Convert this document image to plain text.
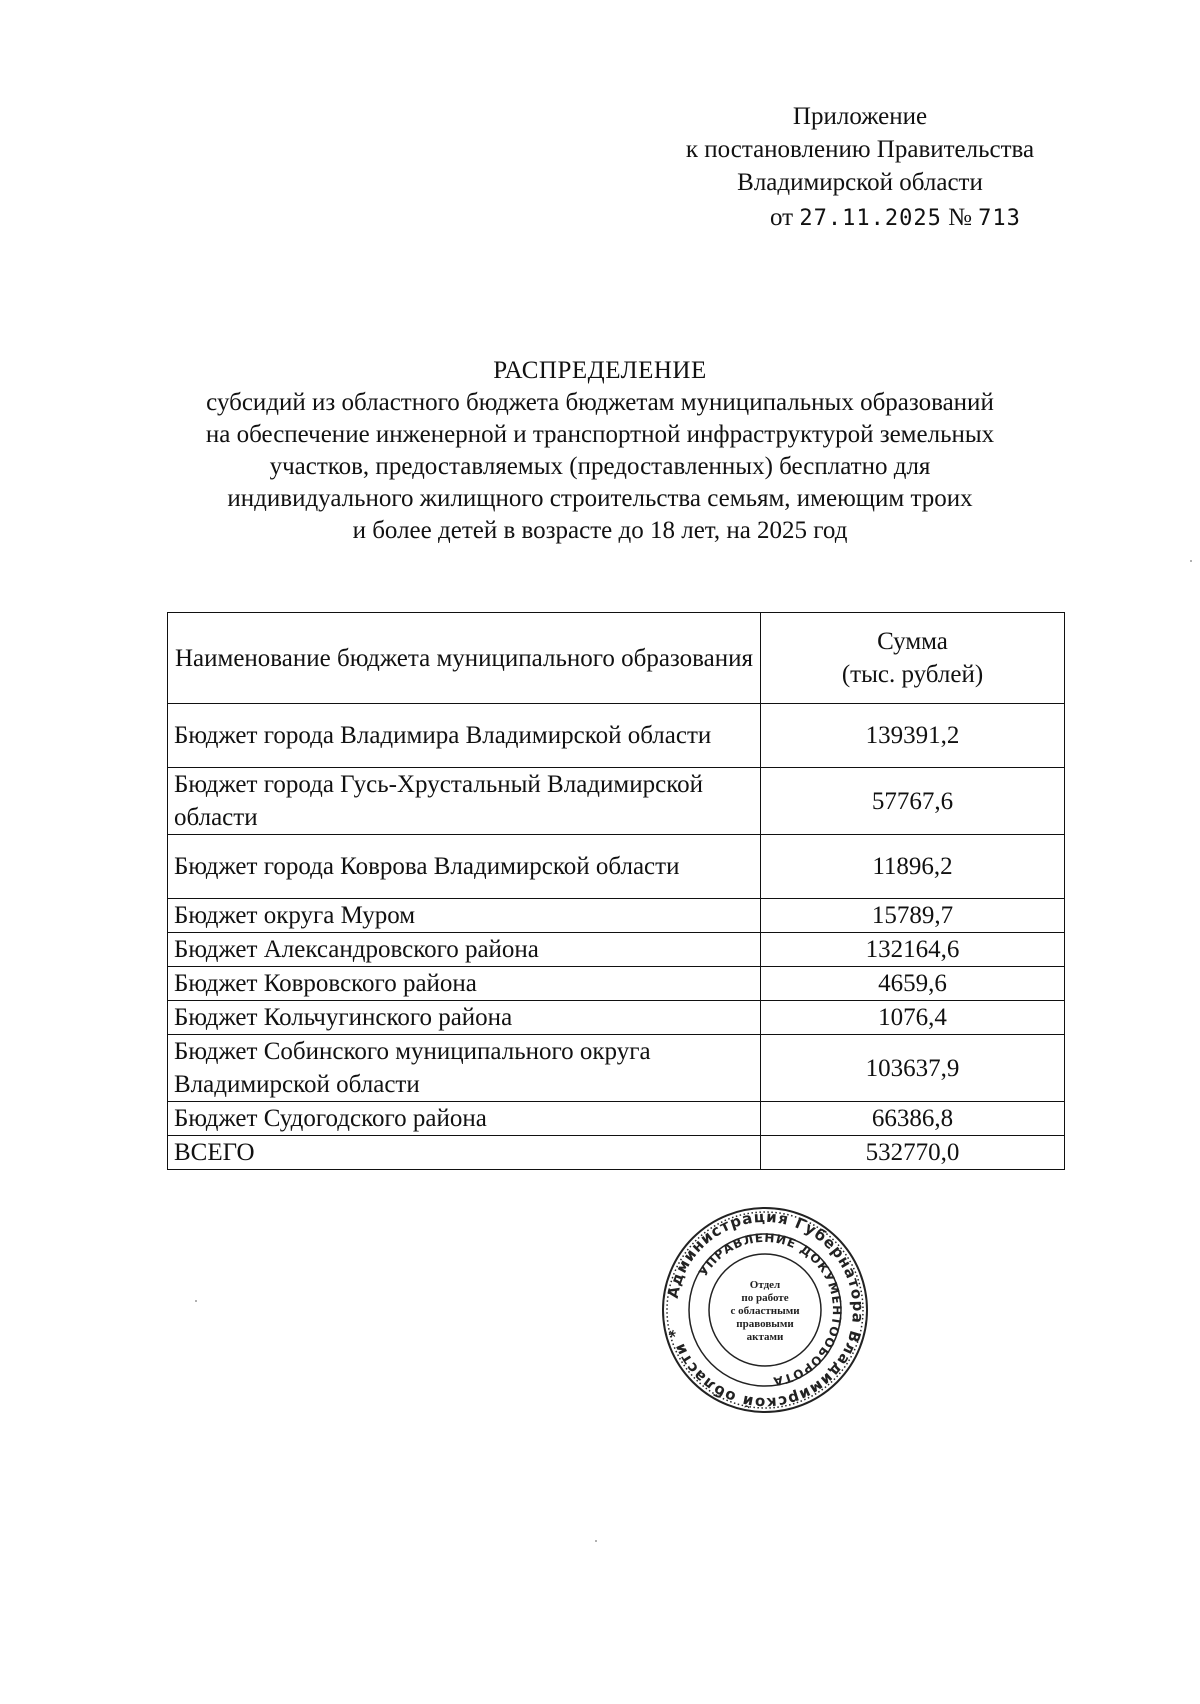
Приложение
к постановлению Правительства
Владимирской области
от 27.11.2025 № 713
РАСПРЕДЕЛЕНИЕ
субсидий из областного бюджета бюджетам муниципальных образований
на обеспечение инженерной и транспортной инфраструктурой земельных
участков, предоставляемых (предоставленных) бесплатно для
индивидуального жилищного строительства семьям, имеющим троих
и более детей в возрасте до 18 лет, на 2025 год
Наименование бюджета муниципального образования	Сумма
(тыс. рублей)

Бюджет города Владимира Владимирской области	139391,2
Бюджет города Гусь-Хрустальный Владимирской области	57767,6
Бюджет города Коврова Владимирской области	11896,2
Бюджет округа Муром	15789,7
Бюджет Александровского района	132164,6
Бюджет Ковровского района	4659,6
Бюджет Кольчугинского района	1076,4
Бюджет Собинского муниципального округа Владимирской области	103637,9
Бюджет Судогодского района	66386,8
ВСЕГО	532770,0
Администрация Губернатора Владимирской области *
УПРАВЛЕНИЕ ДОКУМЕНТООБОРОТА
Отдел
по работе
с областными
правовыми
актами
